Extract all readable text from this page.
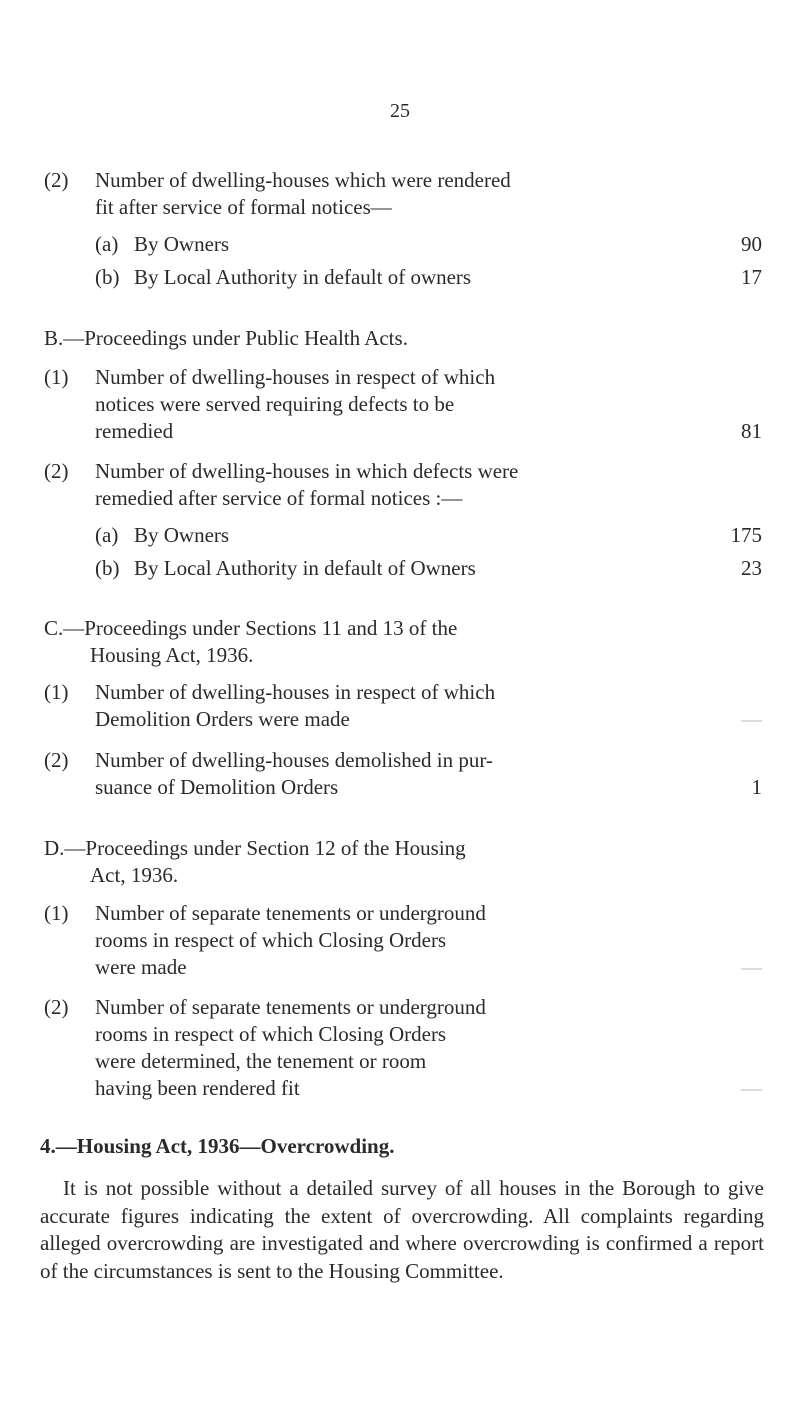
25
(2) Number of dwelling-houses which were rendered
fit after service of formal notices—
(a) By Owners	90
(b) By Local Authority in default of owners	17
B.—Proceedings under Public Health Acts.
(1) Number of dwelling-houses in respect of which
notices were served requiring defects to be
remedied	81
(2) Number of dwelling-houses in which defects were
remedied after service of formal notices :—
(a) By Owners	175
(b) By Local Authority in default of Owners	23
C.—Proceedings under Sections 11 and 13 of the
Housing Act, 1936.
(1) Number of dwelling-houses in respect of which
Demolition Orders were made	—
(2) Number of dwelling-houses demolished in pur-
suance of Demolition Orders	1
D.—Proceedings under Section 12 of the Housing
Act, 1936.
(1) Number of separate tenements or underground
rooms in respect of which Closing Orders
were made	—
(2) Number of separate tenements or underground
rooms in respect of which Closing Orders
were determined, the tenement or room
having been rendered fit	—
4.—Housing Act, 1936—Overcrowding.
It is not possible without a detailed survey of all houses in the Borough to give accurate figures indicating the extent of overcrowding. All complaints regarding alleged overcrowding are investigated and where overcrowding is confirmed a report of the circumstances is sent to the Housing Committee.
